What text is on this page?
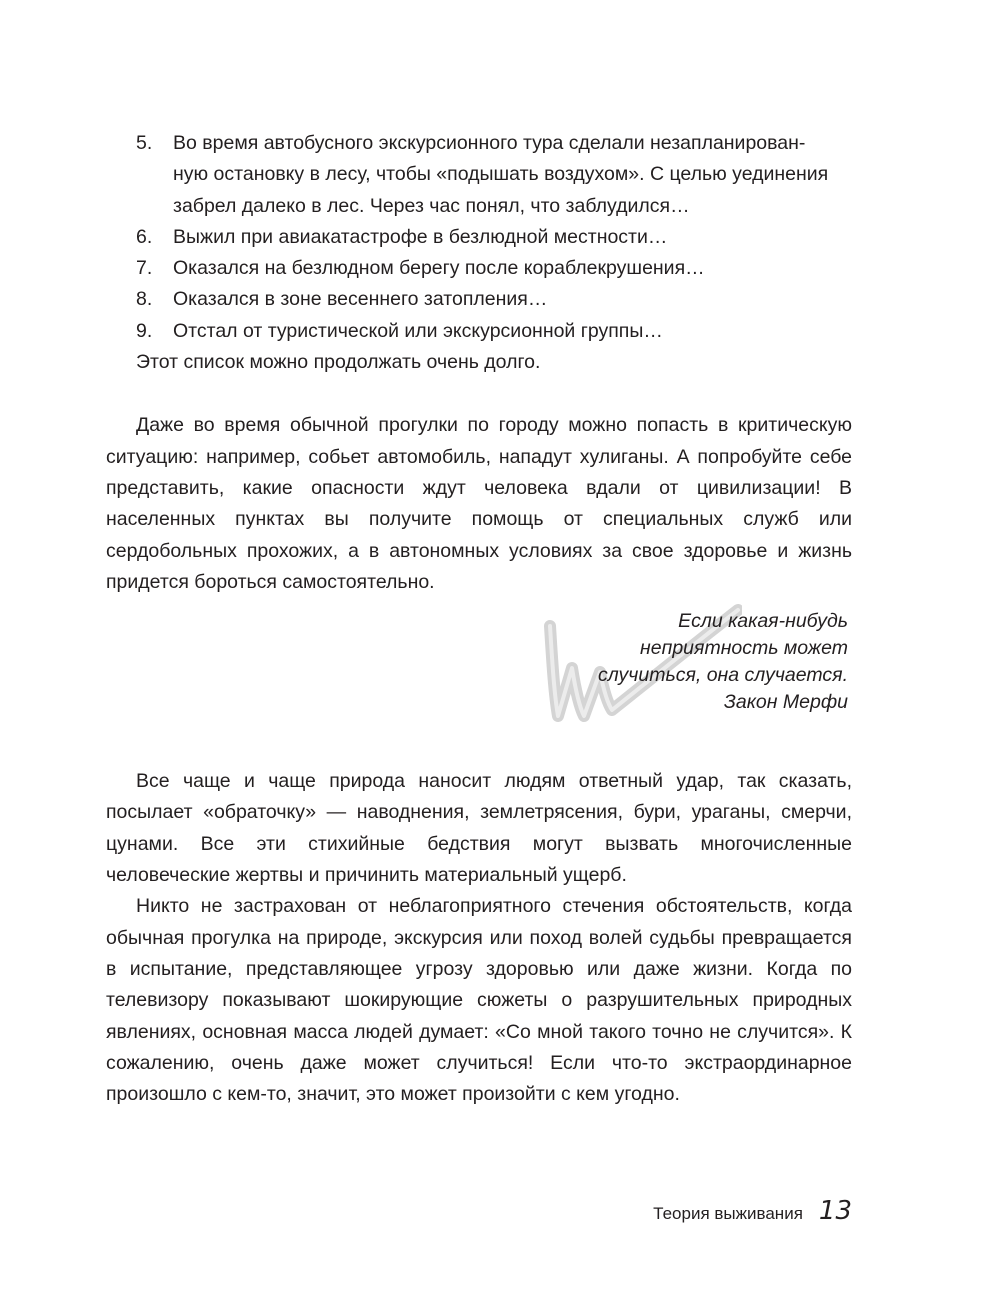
5.	Во время автобусного экскурсионного тура сделали незапланирован-
ную остановку в лесу, чтобы «подышать воздухом». С целью уединения
забрел далеко в лес. Через час понял, что заблудился…
6.	Выжил при авиакатастрофе в безлюдной местности…
7.	Оказался на безлюдном берегу после кораблекрушения…
8.	Оказался в зоне весеннего затопления…
9.	Отстал от туристической или экскурсионной группы…
Этот список можно продолжать очень долго.

Даже во время обычной прогулки по городу можно попасть в критическую ситуацию: например, собьет автомобиль, нападут хулиганы. А попробуйте себе представить, какие опасности ждут человека вдали от цивилизации! В населенных пунктах вы получите помощь от специальных служб или сердобольных прохожих, а в автономных условиях за свое здоровье и жизнь придется бороться самостоятельно.

Если какая-нибудь
неприятность может
случиться, она случается.
Закон Мерфи

Все чаще и чаще природа наносит людям ответный удар, так сказать, посылает «обраточку» — наводнения, землетрясения, бури, ураганы, смерчи, цунами. Все эти стихийные бедствия могут вызвать многочисленные человеческие жертвы и причинить материальный ущерб.

Никто не застрахован от неблагоприятного стечения обстоятельств, когда обычная прогулка на природе, экскурсия или поход волей судьбы превращается в испытание, представляющее угрозу здоровью или даже жизни. Когда по телевизору показывают шокирующие сюжеты о разрушительных природных явлениях, основная масса людей думает: «Со мной такого точно не случится». К сожалению, очень даже может случиться! Если что-то экстраординарное произошло с кем-то, значит, это может произойти с кем угодно.

Теория выживания 13
